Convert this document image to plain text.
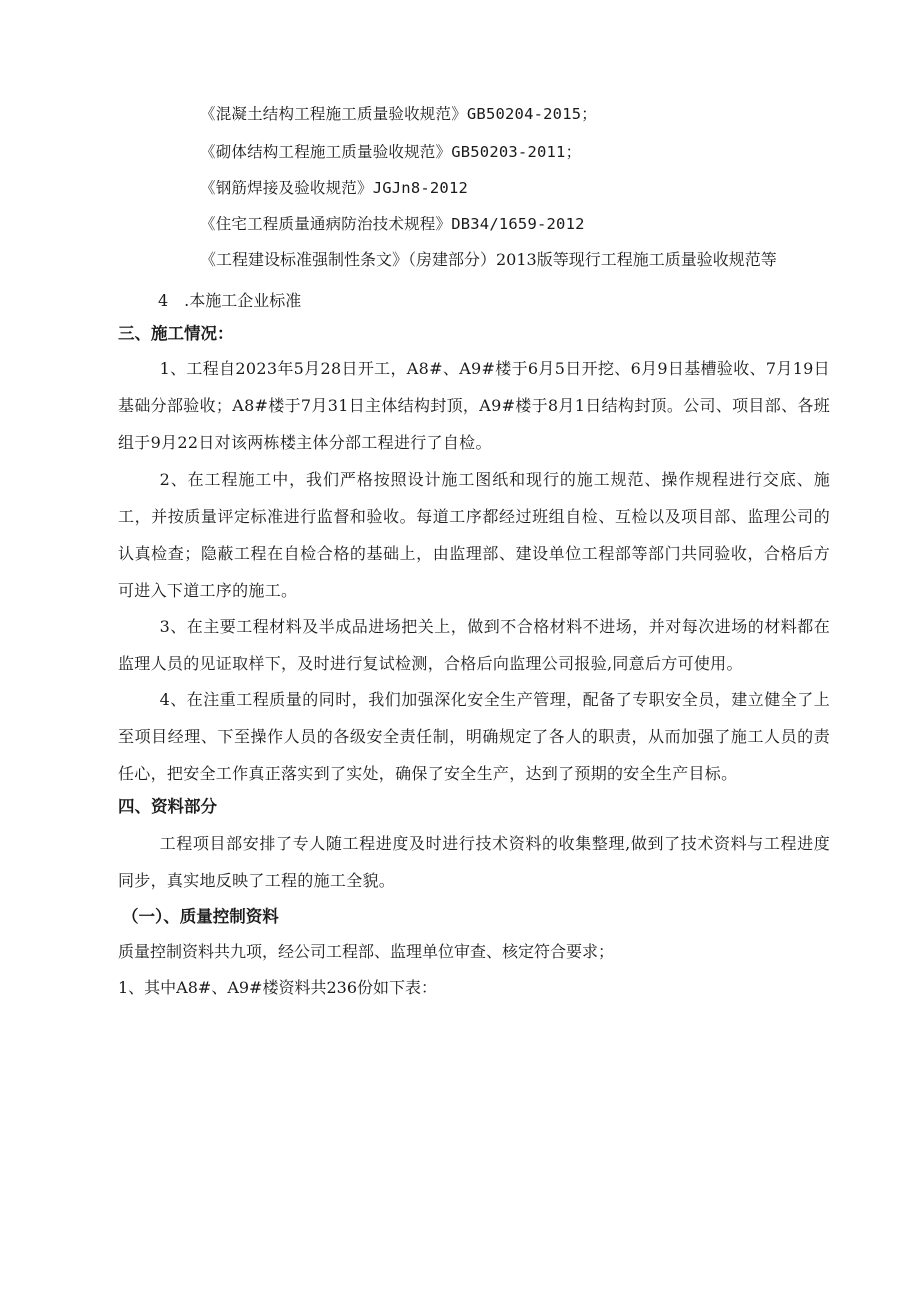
《混凝土结构工程施工质量验收规范》GB50204-2015；
《砌体结构工程施工质量验收规范》GB50203-2011；
《钢筋焊接及验收规范》JGJn8-2012
《住宅工程质量通病防治技术规程》DB34/1659-2012
《工程建设标准强制性条文》（房建部分）2013版等现行工程施工质量验收规范等
4　.本施工企业标准
三、施工情况：
1、工程自2023年5月28日开工，A8#、A9#楼于6月5日开挖、6月9日基槽验收、7月19日基础分部验收；A8#楼于7月31日主体结构封顶，A9#楼于8月1日结构封顶。公司、项目部、各班组于9月22日对该两栋楼主体分部工程进行了自检。
2、在工程施工中，我们严格按照设计施工图纸和现行的施工规范、操作规程进行交底、施工，并按质量评定标准进行监督和验收。每道工序都经过班组自检、互检以及项目部、监理公司的认真检查；隐蔽工程在自检合格的基础上，由监理部、建设单位工程部等部门共同验收，合格后方可进入下道工序的施工。
3、在主要工程材料及半成品进场把关上，做到不合格材料不进场，并对每次进场的材料都在监理人员的见证取样下，及时进行复试检测，合格后向监理公司报验,同意后方可使用。
4、在注重工程质量的同时，我们加强深化安全生产管理，配备了专职安全员，建立健全了上至项目经理、下至操作人员的各级安全责任制，明确规定了各人的职责，从而加强了施工人员的责任心，把安全工作真正落实到了实处，确保了安全生产，达到了预期的安全生产目标。
四、资料部分
工程项目部安排了专人随工程进度及时进行技术资料的收集整理,做到了技术资料与工程进度同步，真实地反映了工程的施工全貌。
（一）、质量控制资料
质量控制资料共九项，经公司工程部、监理单位审查、核定符合要求；
1、其中A8#、A9#楼资料共236份如下表：
